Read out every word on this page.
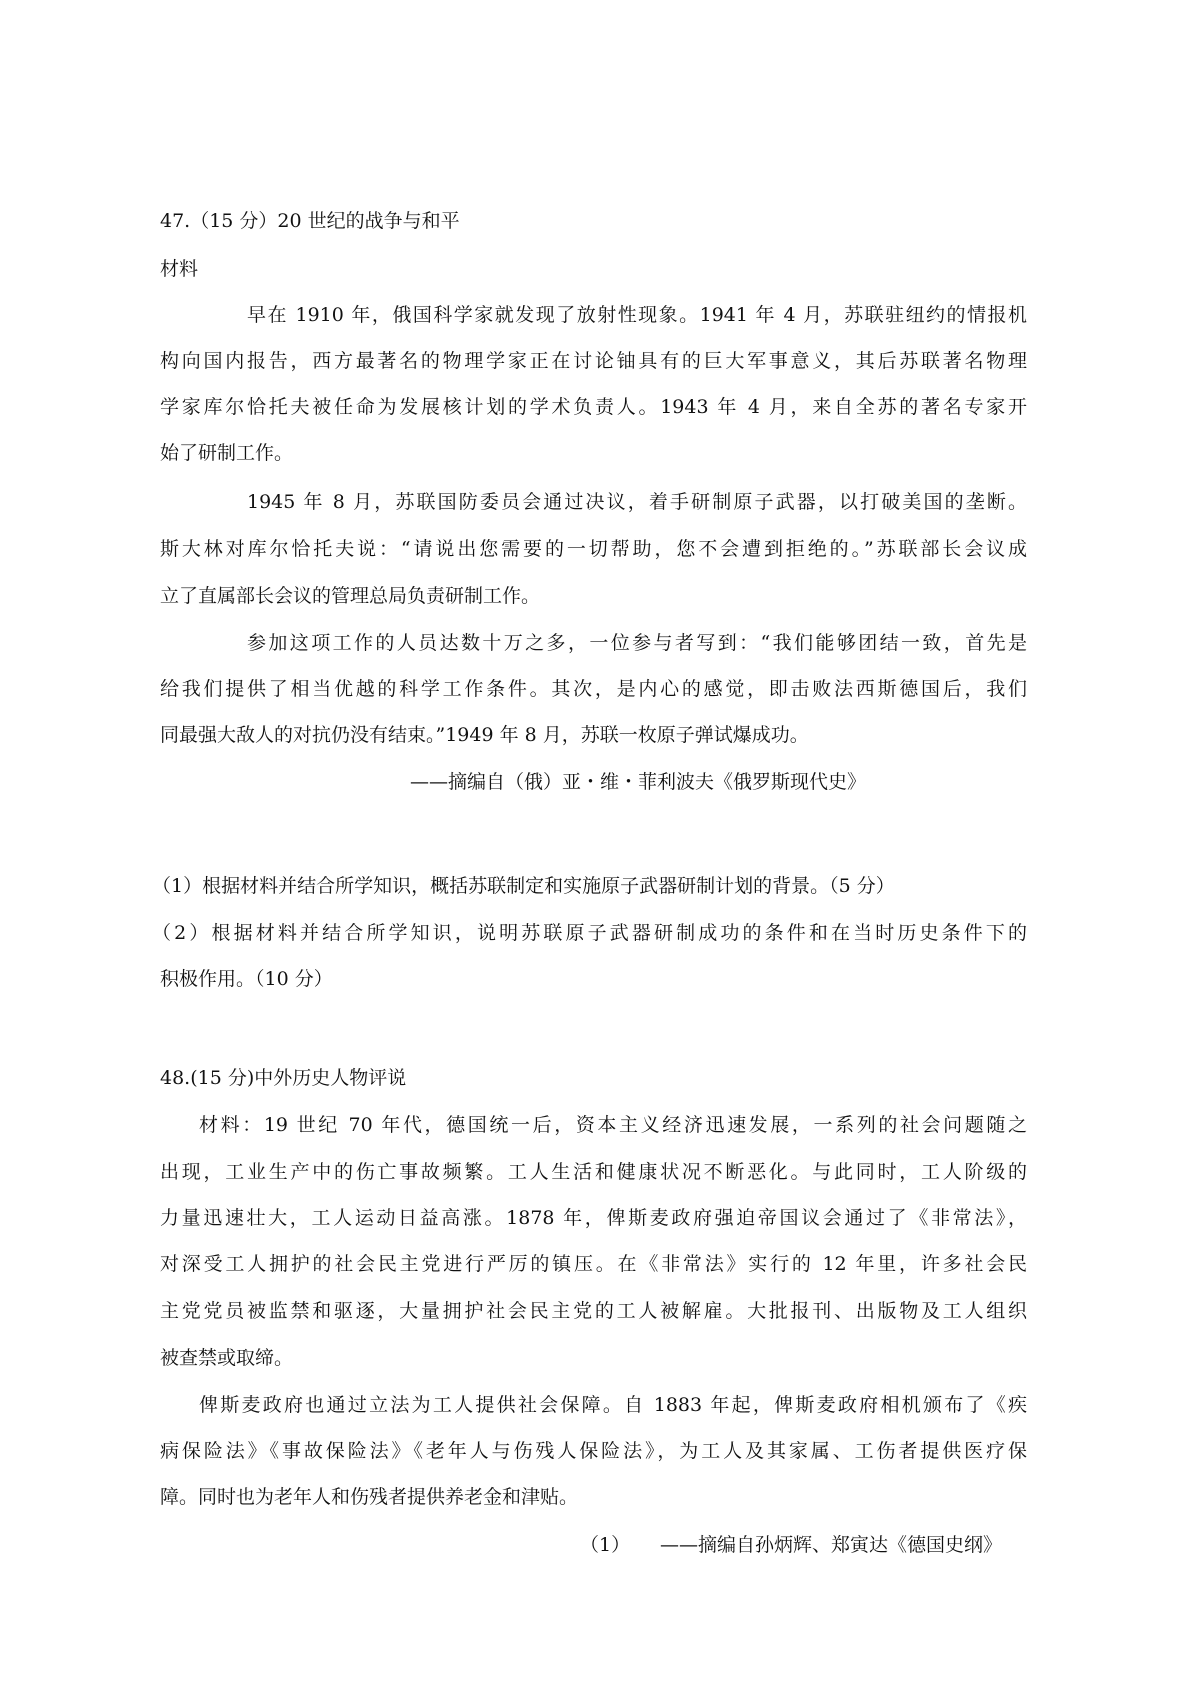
47.（15 分）20 世纪的战争与和平
材料
早在 1910 年，俄国科学家就发现了放射性现象。1941 年 4 月，苏联驻纽约的情报机
构向国内报告，西方最著名的物理学家正在讨论铀具有的巨大军事意义，其后苏联著名物理
学家库尔恰托夫被任命为发展核计划的学术负责人。1943 年 4 月，来自全苏的著名专家开
始了研制工作。
1945 年 8 月，苏联国防委员会通过决议，着手研制原子武器，以打破美国的垄断。
斯大林对库尔恰托夫说：“请说出您需要的一切帮助，您不会遭到拒绝的。”苏联部长会议成
立了直属部长会议的管理总局负责研制工作。
参加这项工作的人员达数十万之多，一位参与者写到：“我们能够团结一致，首先是
给我们提供了相当优越的科学工作条件。其次，是内心的感觉，即击败法西斯德国后，我们
同最强大敌人的对抗仍没有结束。”1949 年 8 月，苏联一枚原子弹试爆成功。
——摘编自（俄）亚・维・菲利波夫《俄罗斯现代史》
（1）根据材料并结合所学知识，概括苏联制定和实施原子武器研制计划的背景。（5 分）
（2）根据材料并结合所学知识，说明苏联原子武器研制成功的条件和在当时历史条件下的
积极作用。（10 分）
48.(15 分)中外历史人物评说
材料：19 世纪 70 年代，德国统一后，资本主义经济迅速发展，一系列的社会问题随之
出现，工业生产中的伤亡事故频繁。工人生活和健康状况不断恶化。与此同时，工人阶级的
力量迅速壮大，工人运动日益高涨。1878 年，俾斯麦政府强迫帝国议会通过了《非常法》，
对深受工人拥护的社会民主党进行严厉的镇压。在《非常法》实行的 12 年里，许多社会民
主党党员被监禁和驱逐，大量拥护社会民主党的工人被解雇。大批报刊、出版物及工人组织
被查禁或取缔。
俾斯麦政府也通过立法为工人提供社会保障。自 1883 年起，俾斯麦政府相机颁布了《疾
病保险法》《事故保险法》《老年人与伤残人保险法》，为工人及其家属、工伤者提供医疗保
障。同时也为老年人和伤残者提供养老金和津贴。
（1） ——摘编自孙炳辉、郑寅达《德国史纲》
